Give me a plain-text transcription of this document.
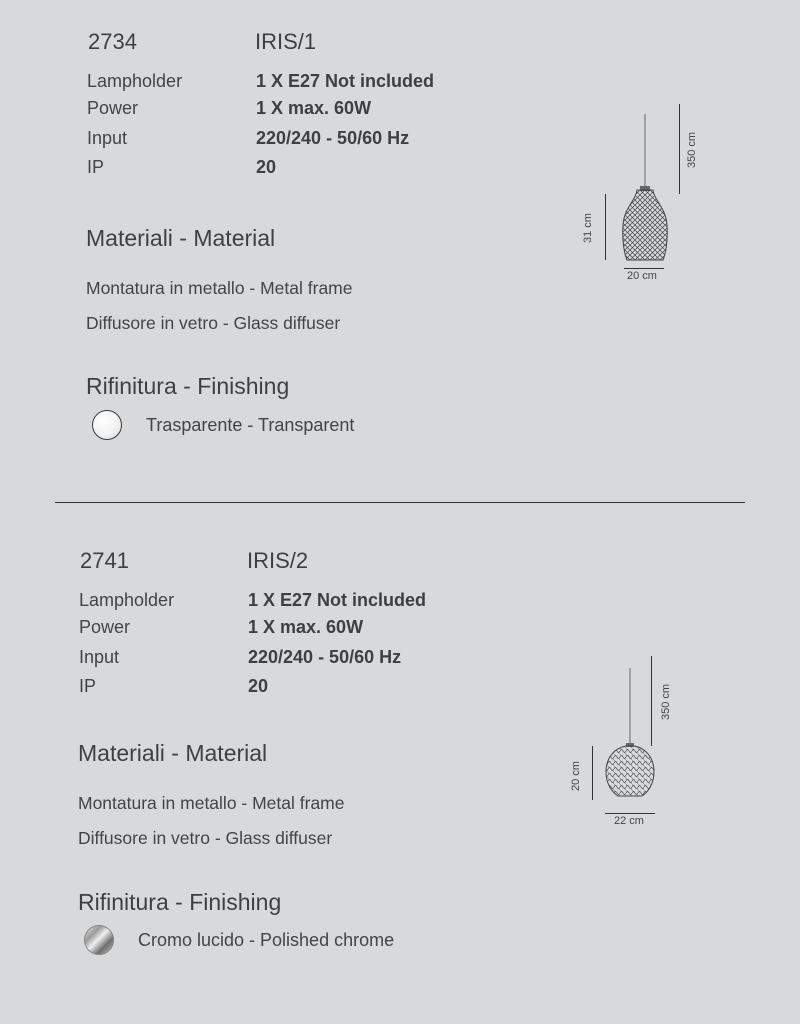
2734	IRIS/1
Lampholder	1 X E27 Not included
Power	1 X max. 60W
Input	220/240 - 50/60 Hz
IP	20
Materiali - Material
Montatura in metallo - Metal frame
Diffusore in vetro - Glass diffuser
Rifinitura - Finishing
Trasparente - Transparent
350 cm
31 cm
20 cm
2741	IRIS/2
Lampholder	1 X E27 Not included
Power	1 X max. 60W
Input	220/240 - 50/60 Hz
IP	20
Materiali - Material
Montatura in metallo - Metal frame
Diffusore in vetro - Glass diffuser
Rifinitura - Finishing
Cromo lucido - Polished chrome
350 cm
20 cm
22 cm
